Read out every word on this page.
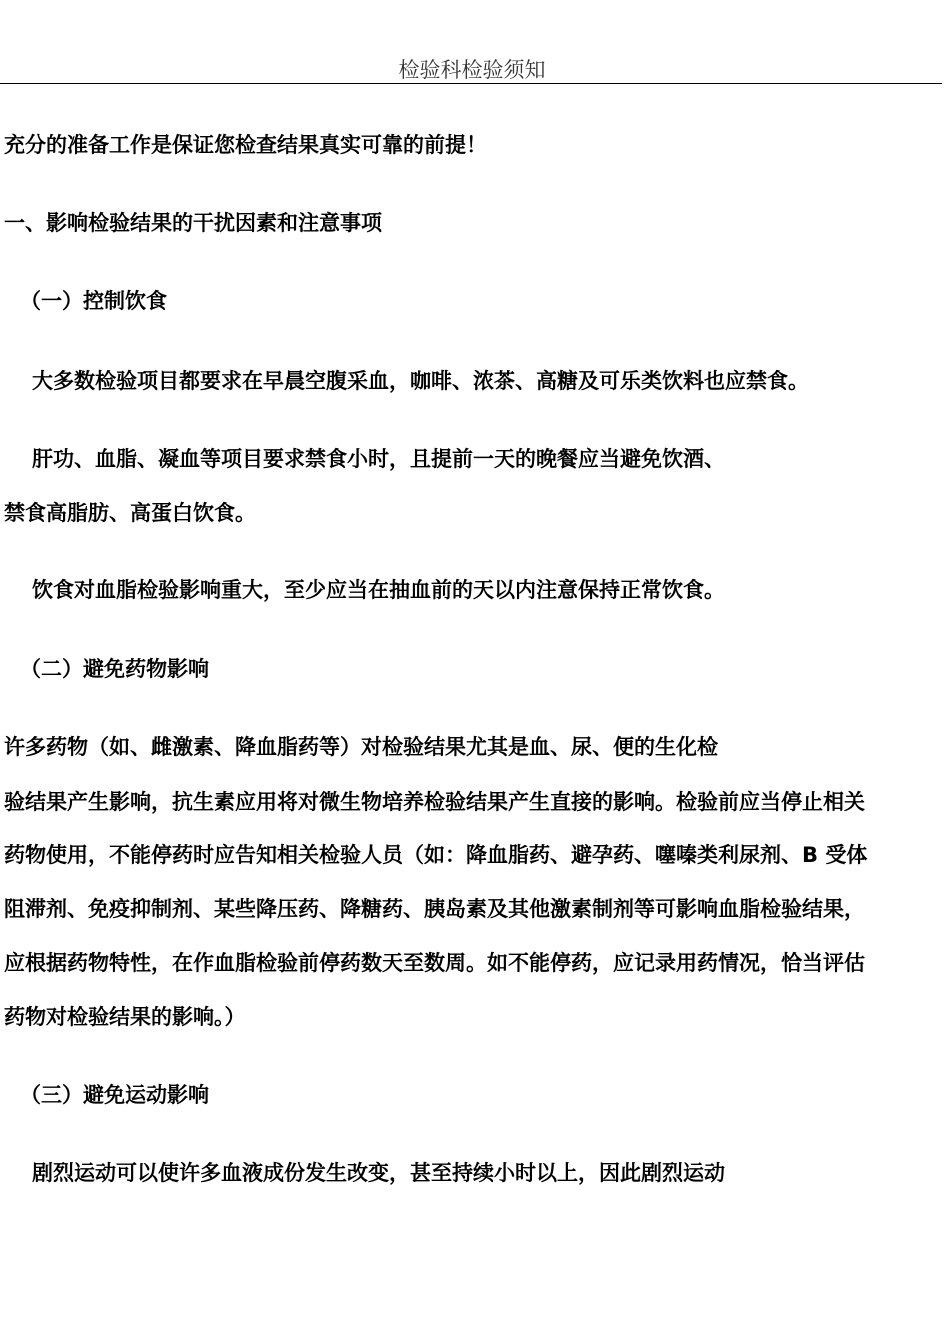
检验科检验须知
充分的准备工作是保证您检查结果真实可靠的前提！
一、影响检验结果的干扰因素和注意事项
（一）控制饮食
大多数检验项目都要求在早晨空腹采血，咖啡、浓茶、高糖及可乐类饮料也应禁食。
肝功、血脂、凝血等项目要求禁食小时，且提前一天的晚餐应当避免饮酒、
禁食高脂肪、高蛋白饮食。
饮食对血脂检验影响重大，至少应当在抽血前的天以内注意保持正常饮食。
（二）避免药物影响
许多药物（如、雌激素、降血脂药等）对检验结果尤其是血、尿、便的生化检
验结果产生影响，抗生素应用将对微生物培养检验结果产生直接的影响。检验前应当停止相关
药物使用，不能停药时应告知相关检验人员（如：降血脂药、避孕药、噻嗪类利尿剂、B 受体
阻滞剂、免疫抑制剂、某些降压药、降糖药、胰岛素及其他激素制剂等可影响血脂检验结果，
应根据药物特性，在作血脂检验前停药数天至数周。如不能停药，应记录用药情况，恰当评估
药物对检验结果的影响。）
（三）避免运动影响
剧烈运动可以使许多血液成份发生改变，甚至持续小时以上，因此剧烈运动
